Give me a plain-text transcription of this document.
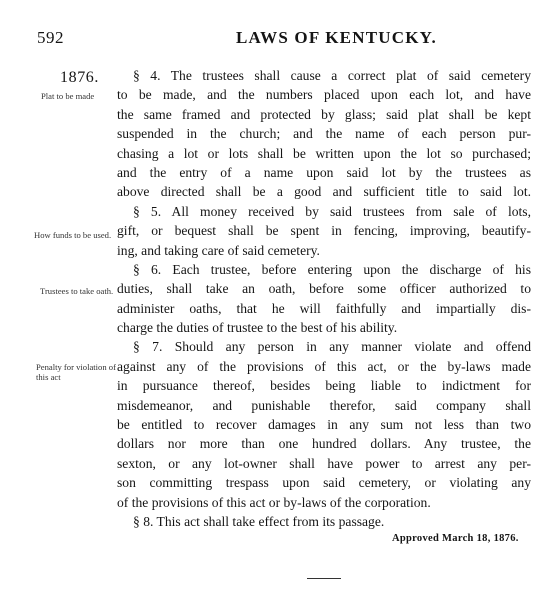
592	LAWS OF KENTUCKY.
1876.
Plat to be made
How funds to be used.
Trustees to take oath.
Penalty for violation of this act
§ 4. The trustees shall cause a correct plat of said cemetery
to be made, and the numbers placed upon each lot, and have
the same framed and protected by glass; said plat shall be kept
suspended in the church; and the name of each person pur-
chasing a lot or lots shall be written upon the lot so purchased;
and the entry of a name upon said lot by the trustees as
above directed shall be a good and sufficient title to said lot.
§ 5. All money received by said trustees from sale of lots,
gift, or bequest shall be spent in fencing, improving, beautify-
ing, and taking care of said cemetery.
§ 6. Each trustee, before entering upon the discharge of his
duties, shall take an oath, before some officer authorized to
administer oaths, that he will faithfully and impartially dis-
charge the duties of trustee to the best of his ability.
§ 7. Should any person in any manner violate and offend
against any of the provisions of this act, or the by-laws made
in pursuance thereof, besides being liable to indictment for
misdemeanor, and punishable therefor, said company shall
be entitled to recover damages in any sum not less than two
dollars nor more than one hundred dollars. Any trustee, the
sexton, or any lot-owner shall have power to arrest any per-
son committing trespass upon said cemetery, or violating any
of the provisions of this act or by-laws of the corporation.
§ 8. This act shall take effect from its passage.
Approved March 18, 1876.
